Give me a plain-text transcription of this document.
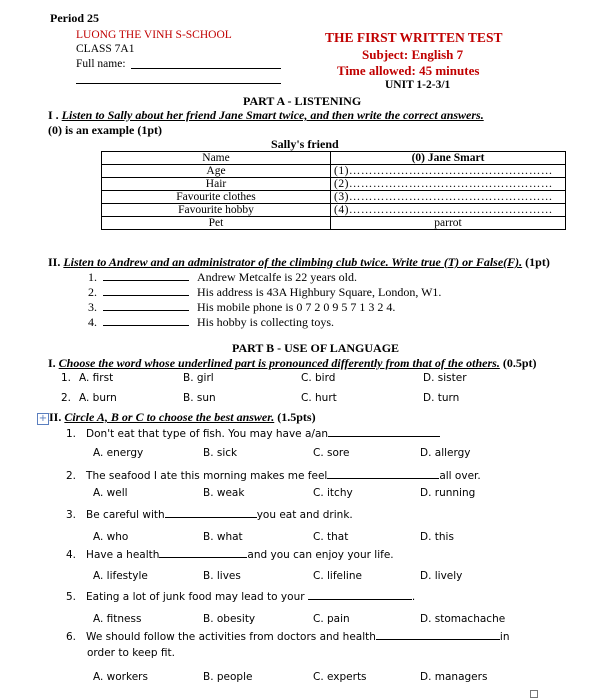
Period 25
LUONG THE VINH S-SCHOOL
CLASS 7A1
Full name:
THE FIRST WRITTEN TEST
Subject: English 7
Time allowed: 45 minutes
UNIT 1-2-3/1
PART A - LISTENING
I . Listen to Sally about her friend Jane Smart twice, and then write the correct answers.
(0) is an example (1pt)
Sally's friend
Name	(0) Jane Smart
Age	(1)……………………………………………
Hair	(2)……………………………………………
Favourite clothes	(3)……………………………………………
Favourite hobby	(4)……………………………………………
Pet	parrot
II. Listen to Andrew and an administrator of the climbing club twice. Write true (T) or False(F). (1pt)
1.	Andrew Metcalfe is 22 years old.
2.	His address is 43A Highbury Square, London, W1.
3.	His mobile phone is 0 7 2 0 9 5 7 1 3 2 4.
4.	His hobby is collecting toys.
PART B - USE OF LANGUAGE
I. Choose the word whose underlined part is pronounced differently from that of the others. (0.5pt)
1. A. first	B. girl	C. bird	D. sister
2. A. burn	B. sun	C. hurt	D. turn
+ II. Circle A, B or C to choose the best answer. (1.5pts)
1. Don't eat that type of fish. You may have a/an
A. energy	B. sick	C. sore	D. allergy
2. The seafood I ate this morning makes me feel	all over.
A. well	B. weak	C. itchy	D. running
3. Be careful with	you eat and drink.
A. who	B. what	C. that	D. this
4. Have a health	and you can enjoy your life.
A. lifestyle	B. lives	C. lifeline	D. lively
5. Eating a lot of junk food may lead to your	.
A. fitness	B. obesity	C. pain	D. stomachache
6. We should follow the activities from doctors and health	in
order to keep fit.
A. workers	B. people	C. experts	D. managers
